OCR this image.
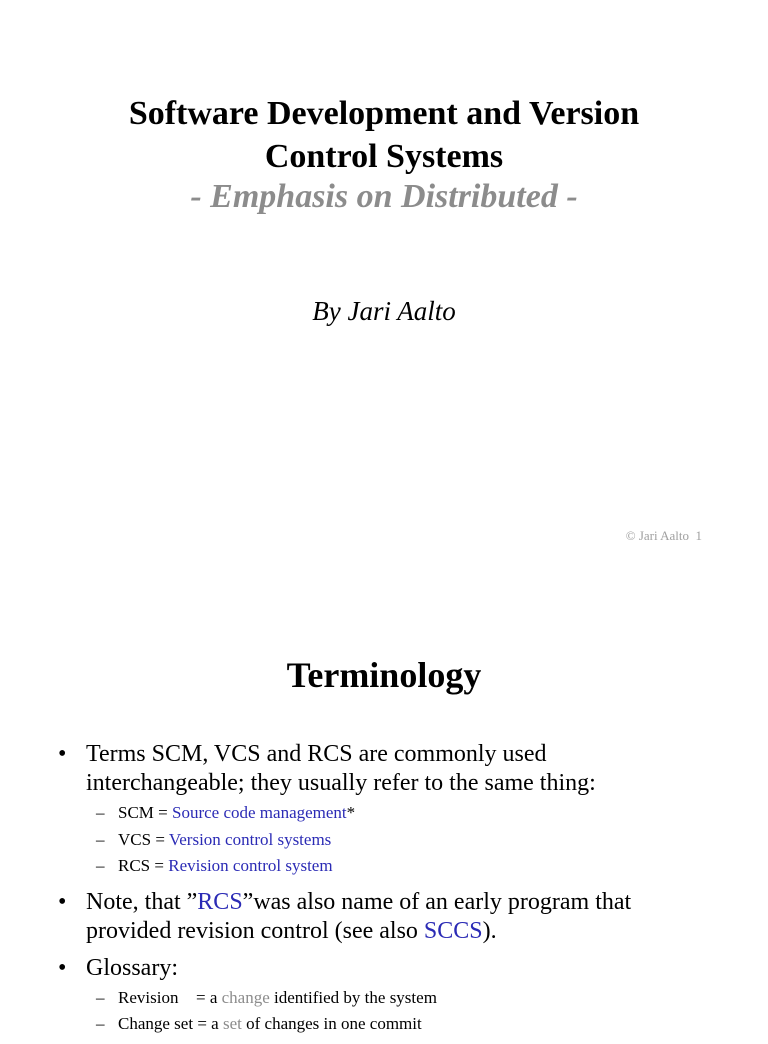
Software Development and Version
Control Systems
- Emphasis on Distributed -
By Jari Aalto
© Jari Aalto  1
Terminology
• Terms SCM, VCS and RCS are commonly used
interchangeable; they usually refer to the same thing:
– SCM = Source code management*
– VCS = Version control systems
– RCS = Revision control system
• Note, that ”RCS”was also name of an early program that
provided revision control (see also SCCS).
• Glossary:
– Revision = a change identified by the system
– Change set = a set of changes in one commit
